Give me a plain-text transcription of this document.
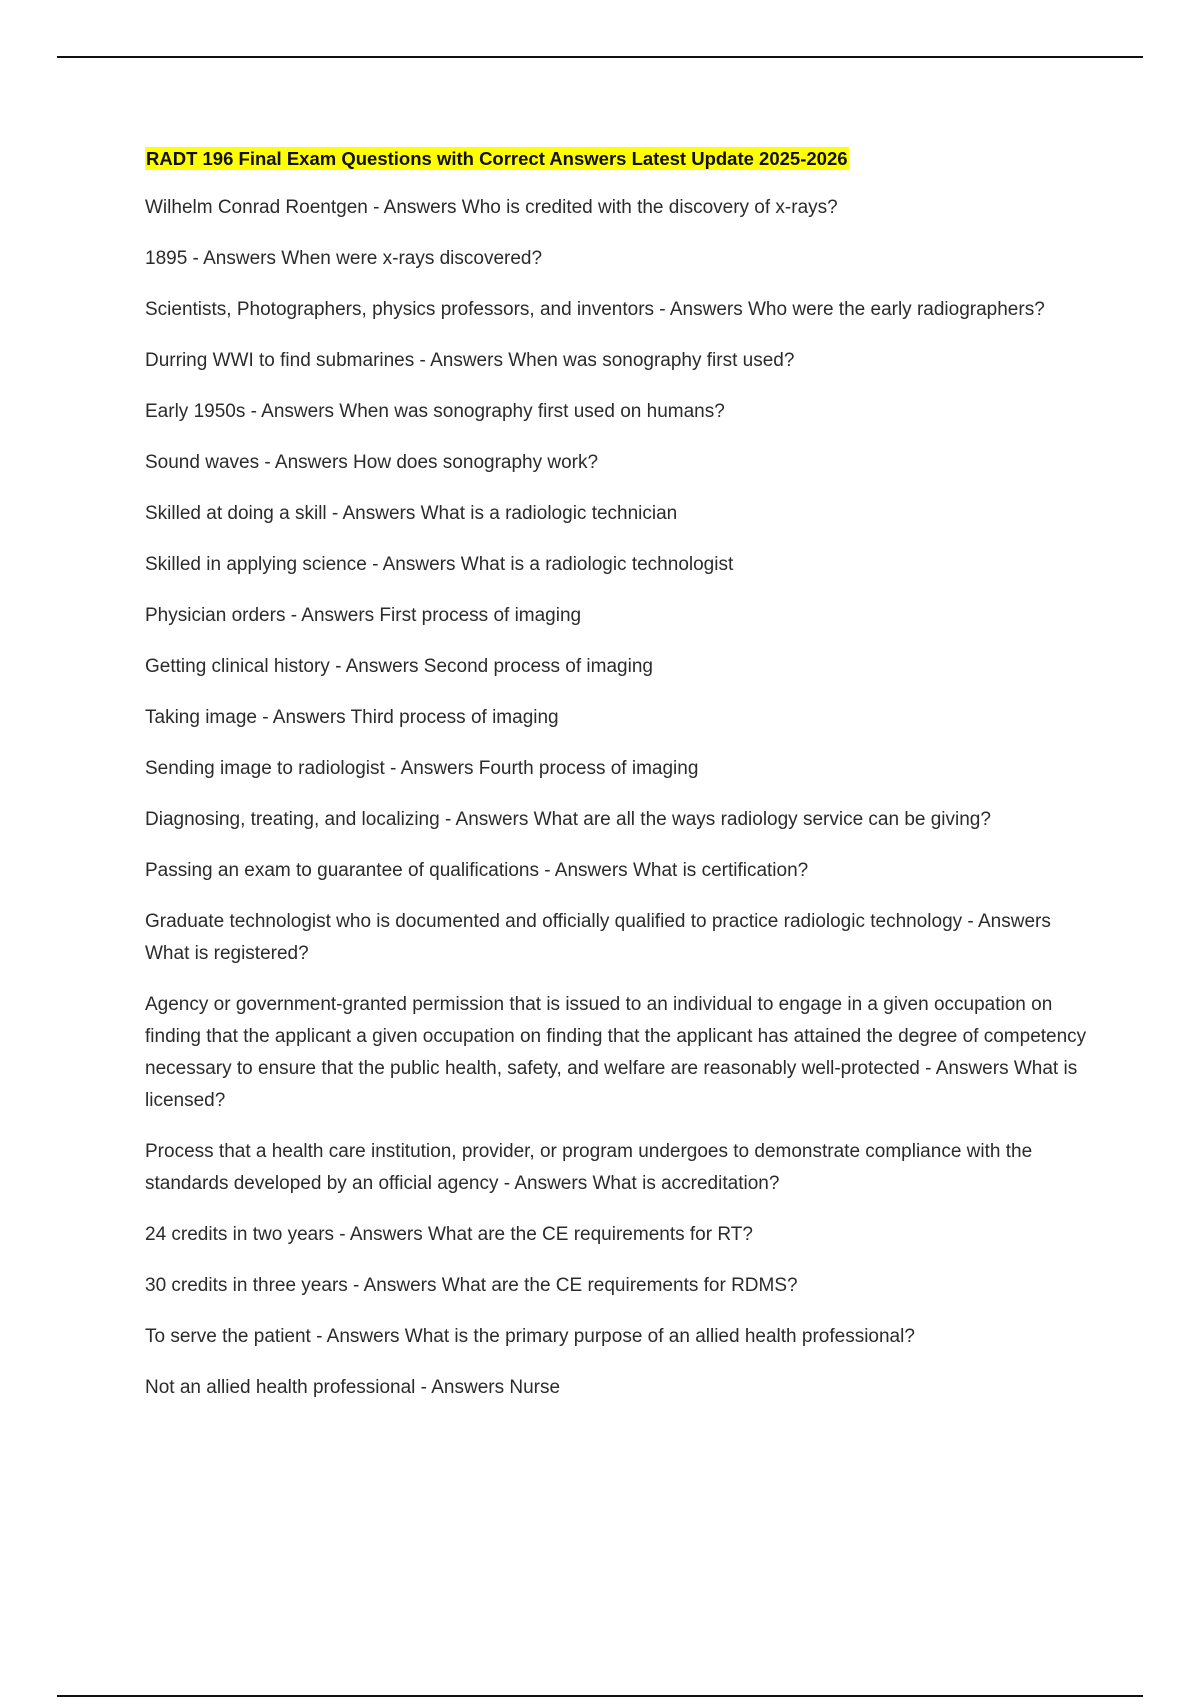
RADT 196 Final Exam Questions with Correct Answers Latest Update 2025-2026
Wilhelm Conrad Roentgen - Answers Who is credited with the discovery of x-rays?
1895 - Answers When were x-rays discovered?
Scientists, Photographers, physics professors, and inventors - Answers Who were the early radiographers?
Durring WWI to find submarines - Answers When was sonography first used?
Early 1950s - Answers When was sonography first used on humans?
Sound waves - Answers How does sonography work?
Skilled at doing a skill - Answers What is a radiologic technician
Skilled in applying science - Answers What is a radiologic technologist
Physician orders - Answers First process of imaging
Getting clinical history - Answers Second process of imaging
Taking image - Answers Third process of imaging
Sending image to radiologist - Answers Fourth process of imaging
Diagnosing, treating, and localizing - Answers What are all the ways radiology service can be giving?
Passing an exam to guarantee of qualifications - Answers What is certification?
Graduate technologist who is documented and officially qualified to practice radiologic technology - Answers What is registered?
Agency or government-granted permission that is issued to an individual to engage in a given occupation on finding that the applicant a given occupation on finding that the applicant has attained the degree of competency necessary to ensure that the public health, safety, and welfare are reasonably well-protected - Answers What is licensed?
Process that a health care institution, provider, or program undergoes to demonstrate compliance with the standards developed by an official agency - Answers What is accreditation?
24 credits in two years - Answers What are the CE requirements for RT?
30 credits in three years - Answers What are the CE requirements for RDMS?
To serve the patient - Answers What is the primary purpose of an allied health professional?
Not an allied health professional - Answers Nurse
